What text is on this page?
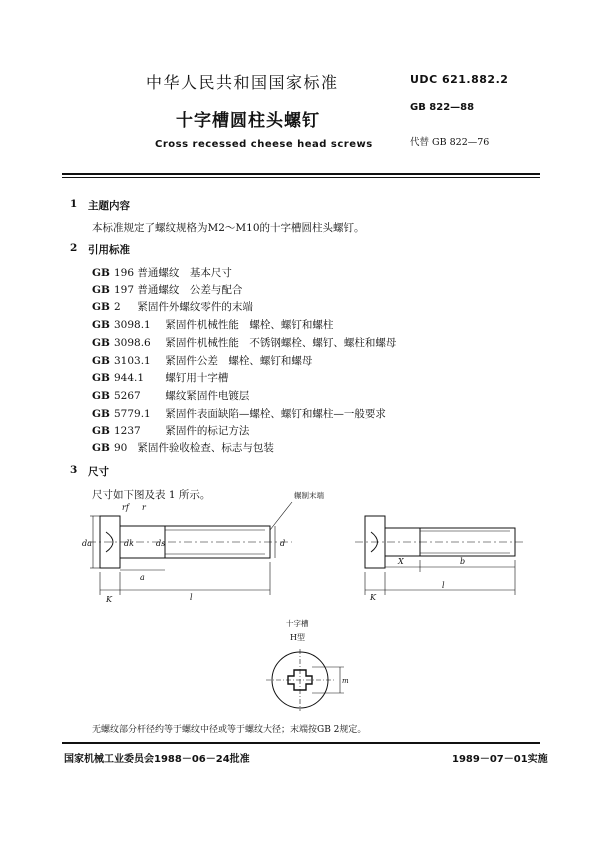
中华人民共和国国家标准	UDC 621.882.2
GB 822—88
代替 GB 822—76
十字槽圆柱头螺钉
Cross recessed cheese head screws
1 主题内容
本标准规定了螺纹规格为M2～M10的十字槽圆柱头螺钉。
2 引用标准
GB 196 普通螺纹　基本尺寸
GB 197 普通螺纹　公差与配合
GB 2 紧固件外螺纹零件的末端
GB 3098.1 紧固件机械性能　螺栓、螺钉和螺柱
GB 3098.6 紧固件机械性能　不锈钢螺栓、螺钉、螺柱和螺母
GB 3103.1 紧固件公差　螺栓、螺钉和螺母
GB 944.1 螺钉用十字槽
GB 5267 螺纹紧固件电镀层
GB 5779.1 紧固件表面缺陷—螺栓、螺钉和螺柱—一般要求
GB 1237 紧固件的标记方法
GB 90 紧固件验收检查、标志与包装
3 尺寸
尺寸如下图及表 1 所示。
da	dk
r
rf
a
K	l
d
ds
辗制末端
X	b
K
l
十字槽
H型
m
无螺纹部分杆径约等于螺纹中径或等于螺纹大径；末端按GB 2规定。
国家机械工业委员会1988－06－24批准	1989－07－01实施
